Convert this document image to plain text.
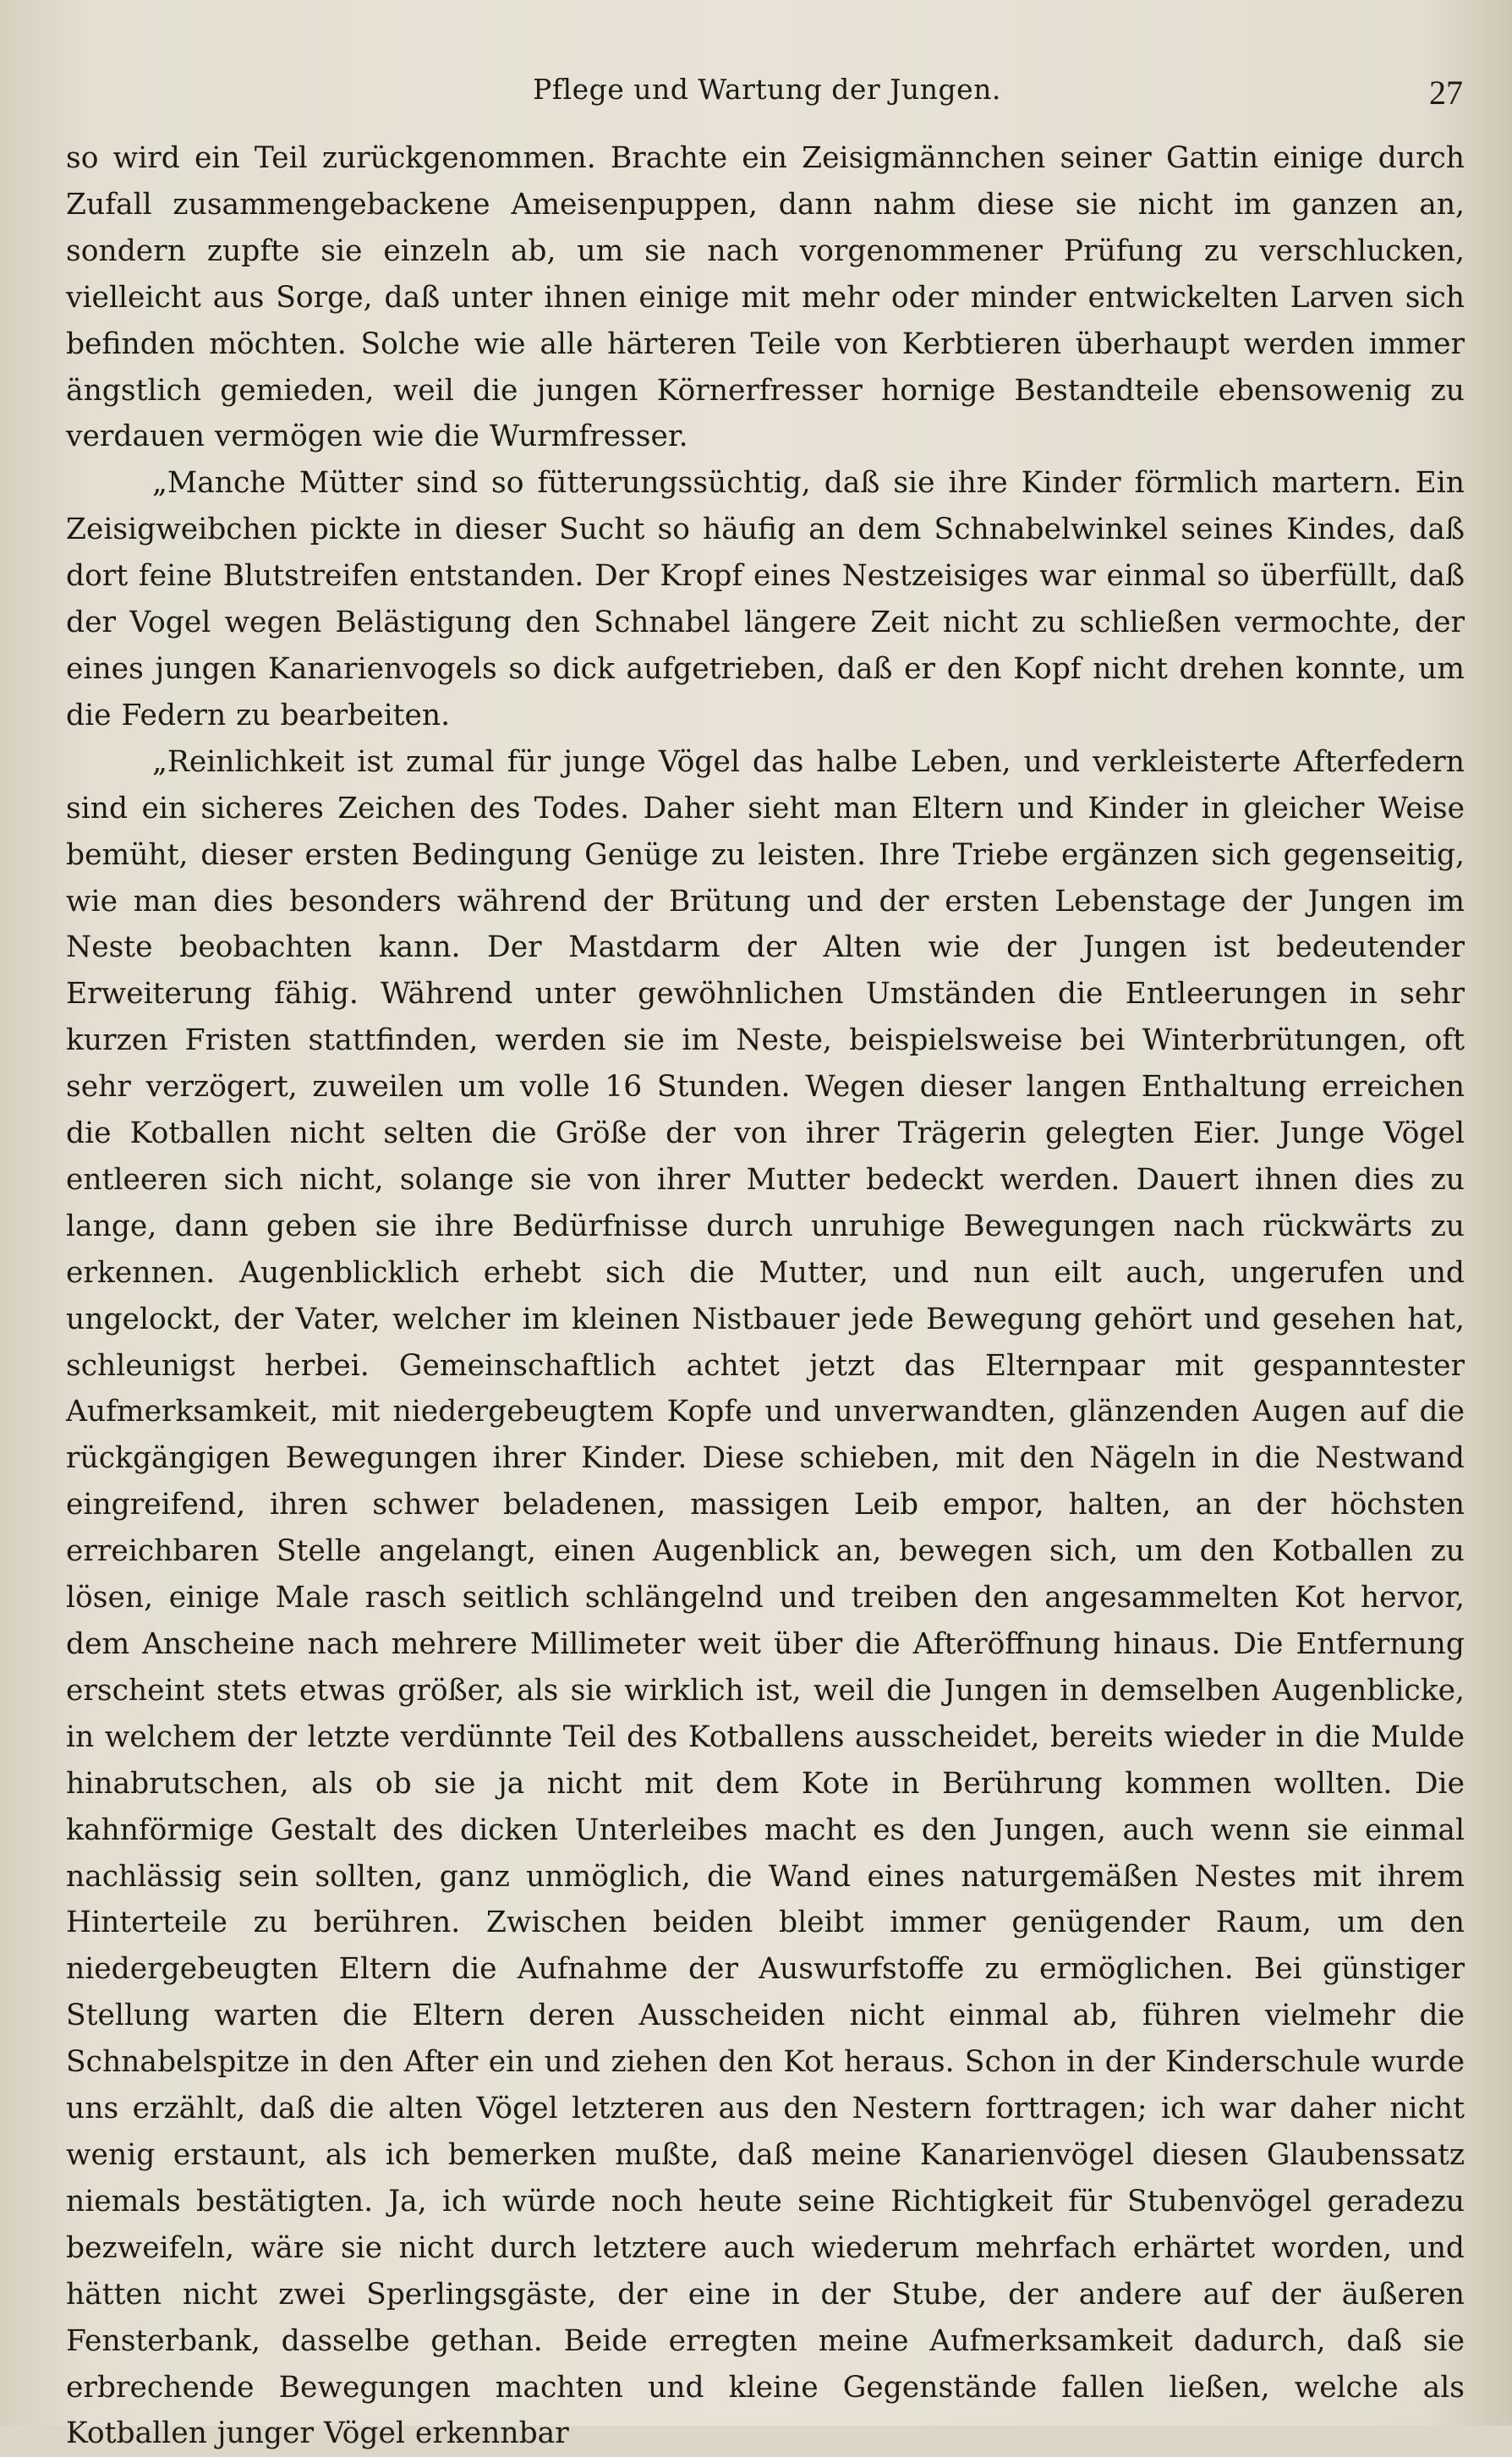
Pflege und Wartung der Jungen.	27

so wird ein Teil zurückgenommen. Brachte ein Zeisigmännchen seiner Gattin einige durch Zufall zusammengebackene Ameisenpuppen, dann nahm diese sie nicht im ganzen an, sondern zupfte sie einzeln ab, um sie nach vorgenommener Prüfung zu verschlucken, vielleicht aus Sorge, daß unter ihnen einige mit mehr oder minder entwickelten Larven sich befinden möchten. Solche wie alle härteren Teile von Kerbtieren überhaupt werden immer ängstlich gemieden, weil die jungen Körnerfresser hornige Bestandteile ebensowenig zu verdauen vermögen wie die Wurmfresser.

„Manche Mütter sind so fütterungssüchtig, daß sie ihre Kinder förmlich martern. Ein Zeisigweibchen pickte in dieser Sucht so häufig an dem Schnabelwinkel seines Kindes, daß dort feine Blutstreifen entstanden. Der Kropf eines Nestzeisiges war einmal so überfüllt, daß der Vogel wegen Belästigung den Schnabel längere Zeit nicht zu schließen vermochte, der eines jungen Kanarienvogels so dick aufgetrieben, daß er den Kopf nicht drehen konnte, um die Federn zu bearbeiten.

„Reinlichkeit ist zumal für junge Vögel das halbe Leben, und verkleisterte Afterfedern sind ein sicheres Zeichen des Todes. Daher sieht man Eltern und Kinder in gleicher Weise bemüht, dieser ersten Bedingung Genüge zu leisten. Ihre Triebe ergänzen sich gegenseitig, wie man dies besonders während der Brütung und der ersten Lebenstage der Jungen im Neste beobachten kann. Der Mastdarm der Alten wie der Jungen ist bedeutender Erweiterung fähig. Während unter gewöhnlichen Umständen die Entleerungen in sehr kurzen Fristen stattfinden, werden sie im Neste, beispielsweise bei Winterbrütungen, oft sehr verzögert, zuweilen um volle 16 Stunden. Wegen dieser langen Enthaltung erreichen die Kotballen nicht selten die Größe der von ihrer Trägerin gelegten Eier. Junge Vögel entleeren sich nicht, solange sie von ihrer Mutter bedeckt werden. Dauert ihnen dies zu lange, dann geben sie ihre Bedürfnisse durch unruhige Bewegungen nach rückwärts zu erkennen. Augenblicklich erhebt sich die Mutter, und nun eilt auch, ungerufen und ungelockt, der Vater, welcher im kleinen Nistbauer jede Bewegung gehört und gesehen hat, schleunigst herbei. Gemeinschaftlich achtet jetzt das Elternpaar mit gespanntester Aufmerksamkeit, mit niedergebeugtem Kopfe und unverwandten, glänzenden Augen auf die rückgängigen Bewegungen ihrer Kinder. Diese schieben, mit den Nägeln in die Nestwand eingreifend, ihren schwer beladenen, massigen Leib empor, halten, an der höchsten erreichbaren Stelle angelangt, einen Augenblick an, bewegen sich, um den Kotballen zu lösen, einige Male rasch seitlich schlängelnd und treiben den angesammelten Kot hervor, dem Anscheine nach mehrere Millimeter weit über die Afteröffnung hinaus. Die Entfernung erscheint stets etwas größer, als sie wirklich ist, weil die Jungen in demselben Augenblicke, in welchem der letzte verdünnte Teil des Kotballens ausscheidet, bereits wieder in die Mulde hinabrutschen, als ob sie ja nicht mit dem Kote in Berührung kommen wollten. Die kahnförmige Gestalt des dicken Unterleibes macht es den Jungen, auch wenn sie einmal nachlässig sein sollten, ganz unmöglich, die Wand eines naturgemäßen Nestes mit ihrem Hinterteile zu berühren. Zwischen beiden bleibt immer genügender Raum, um den niedergebeugten Eltern die Aufnahme der Auswurfstoffe zu ermöglichen. Bei günstiger Stellung warten die Eltern deren Ausscheiden nicht einmal ab, führen vielmehr die Schnabelspitze in den After ein und ziehen den Kot heraus. Schon in der Kinderschule wurde uns erzählt, daß die alten Vögel letzteren aus den Nestern forttragen; ich war daher nicht wenig erstaunt, als ich bemerken mußte, daß meine Kanarienvögel diesen Glaubenssatz niemals bestätigten. Ja, ich würde noch heute seine Richtigkeit für Stubenvögel geradezu bezweifeln, wäre sie nicht durch letztere auch wiederum mehrfach erhärtet worden, und hätten nicht zwei Sperlingsgäste, der eine in der Stube, der andere auf der äußeren Fensterbank, dasselbe gethan. Beide erregten meine Aufmerksamkeit dadurch, daß sie erbrechende Bewegungen machten und kleine Gegenstände fallen ließen, welche als Kotballen junger Vögel erkennbar
